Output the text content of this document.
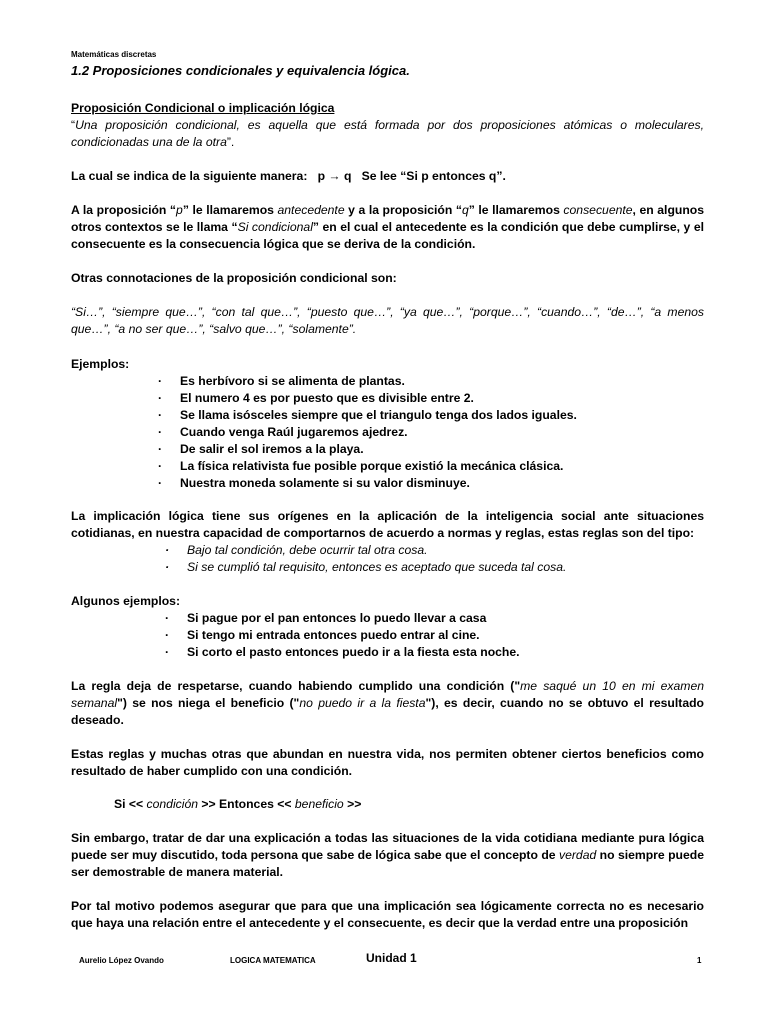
Matemáticas discretas
1.2 Proposiciones condicionales y equivalencia lógica.
Proposición Condicional o implicación lógica
“Una proposición condicional, es aquella que está formada por dos proposiciones atómicas o moleculares, condicionadas una de la otra”.
La cual se indica de la siguiente manera: p → q Se lee “Si p entonces q”.
A la proposición “p” le llamaremos antecedente y a la proposición “q” le llamaremos consecuente, en algunos otros contextos se le llama “Si condicional” en el cual el antecedente es la condición que debe cumplirse, y el consecuente es la consecuencia lógica que se deriva de la condición.
Otras connotaciones de la proposición condicional son:
“Si…”, “siempre que…”, “con tal que…”, “puesto que…”, “ya que…”, “porque…”, “cuando…”, “de…”, “a menos que…”, “a no ser que…”, “salvo que…”, “solamente”.
Ejemplos:
· Es herbívoro si se alimenta de plantas.
· El numero 4 es por puesto que es divisible entre 2.
· Se llama isósceles siempre que el triangulo tenga dos lados iguales.
· Cuando venga Raúl jugaremos ajedrez.
· De salir el sol iremos a la playa.
· La física relativista fue posible porque existió la mecánica clásica.
· Nuestra moneda solamente si su valor disminuye.
La implicación lógica tiene sus orígenes en la aplicación de la inteligencia social ante situaciones cotidianas, en nuestra capacidad de comportarnos de acuerdo a normas y reglas, estas reglas son del tipo:
· Bajo tal condición, debe ocurrir tal otra cosa.
· Si se cumplió tal requisito, entonces es aceptado que suceda tal cosa.
Algunos ejemplos:
· Si pague por el pan entonces lo puedo llevar a casa
· Si tengo mi entrada entonces puedo entrar al cine.
· Si corto el pasto entonces puedo ir a la fiesta esta noche.
La regla deja de respetarse, cuando habiendo cumplido una condición ("me saqué un 10 en mi examen semanal") se nos niega el beneficio ("no puedo ir a la fiesta"), es decir, cuando no se obtuvo el resultado deseado.
Estas reglas y muchas otras que abundan en nuestra vida, nos permiten obtener ciertos beneficios como resultado de haber cumplido con una condición.
Si << condición >> Entonces << beneficio >>
Sin embargo, tratar de dar una explicación a todas las situaciones de la vida cotidiana mediante pura lógica puede ser muy discutido, toda persona que sabe de lógica sabe que el concepto de verdad no siempre puede ser demostrable de manera material.
Por tal motivo podemos asegurar que para que una implicación sea lógicamente correcta no es necesario que haya una relación entre el antecedente y el consecuente, es decir que la verdad entre una proposición
Aurelio López Ovando	LOGICA MATEMATICA	Unidad 1	1
